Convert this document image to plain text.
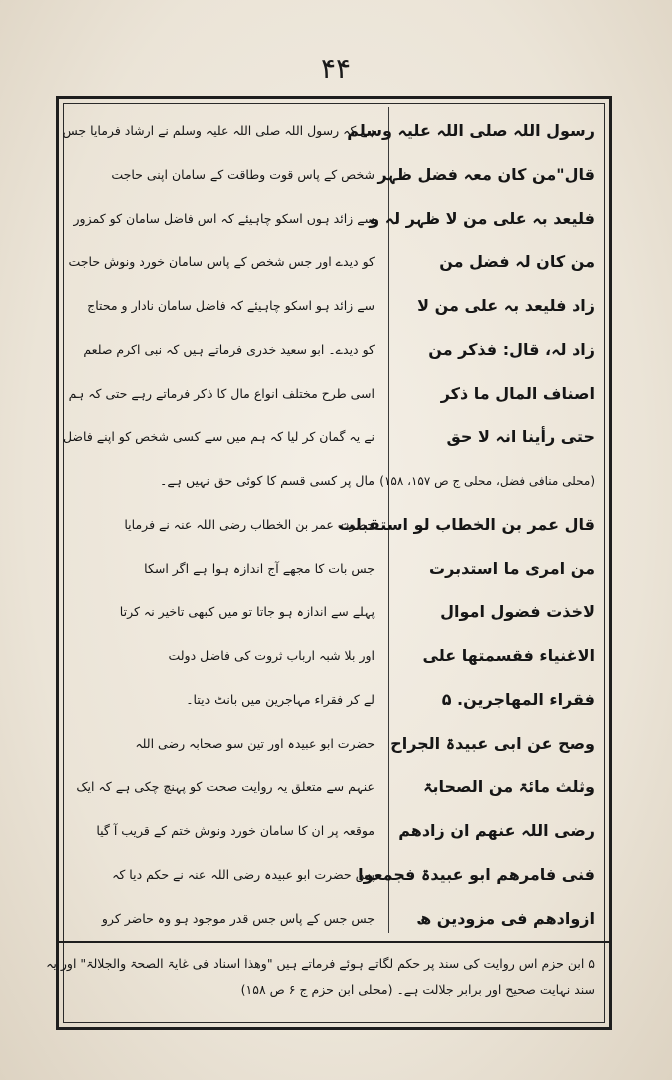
۴۴
رسول اللہ صلی اللہ علیہ وسلم
قال"من کان معہ فضل ظہر
فلیعد بہ علی من لا ظہر لہ و
من کان لہ فضل من
زاد فلیعد بہ علی من لا
زاد لہ، قال: فذکر من
اصناف المال ما ذکر
حتی رأینا انہ لا حق
(محلی منافی فضل، محلی ج ص ۱۵۷، ۱۵۸)
قال عمر بن الخطاب لو استقبلت
من امری ما استدبرت
لاخذت فضول اموال
الاغنیاء فقسمتھا علی
فقراء المھاجرین. ۵
وصح عن ابی عبیدۃ الجراح
وثلث مائۃ من الصحابۃ
رضی اللہ عنھم ان زادھم
فنی فامرھم ابو عبیدۃ فجمعوا
ازوادھم فی مزودین ھ
ہے کہ رسول اللہ صلی اللہ علیہ وسلم نے ارشاد فرمایا جس
شخص کے پاس قوت وطاقت کے سامان اپنی حاجت
سے زائد ہوں اسکو چاہیئے کہ اس فاضل سامان کو کمزور
کو دیدے اور جس شخص کے پاس سامان خورد ونوش حاجت
سے زائد ہو اسکو چاہیئے کہ فاضل سامان نادار و محتاج
کو دیدے۔ ابو سعید خدری فرماتے ہیں کہ نبی اکرم صلعم
اسی طرح مختلف انواع مال کا ذکر فرماتے رہے حتی کہ ہم
نے یہ گمان کر لیا کہ ہم میں سے کسی شخص کو اپنے فاضل
مال پر کسی قسم کا کوئی حق نہیں ہے۔
حضرت عمر بن الخطاب رضی اللہ عنہ نے فرمایا
جس بات کا مجھے آج اندازہ ہوا ہے اگر اسکا
پہلے سے اندازہ ہو جاتا تو میں کبھی تاخیر نہ کرتا
اور بلا شبہ ارباب ثروت کی فاضل دولت
لے کر فقراء مہاجرین میں بانٹ دیتا۔
حضرت ابو عبیدہ اور تین سو صحابہ رضی اللہ
عنہم سے متعلق یہ روایت صحت کو پہنچ چکی ہے کہ ایک
موقعہ پر ان کا سامان خورد ونوش ختم کے قریب آ گیا
پس حضرت ابو عبیدہ رضی اللہ عنہ نے حکم دیا کہ
جس جس کے پاس جس قدر موجود ہو وہ حاضر کرو
۵ ابن حزم اس روایت کی سند پر حکم لگاتے ہوئے فرماتے ہیں "وھذا اسناد فی غایۃ الصحۃ والجلالۃ" اور یہ
سند نہایت صحیح اور برابر جلالت ہے۔ (محلی ابن حزم ج ۶ ص ۱۵۸)
